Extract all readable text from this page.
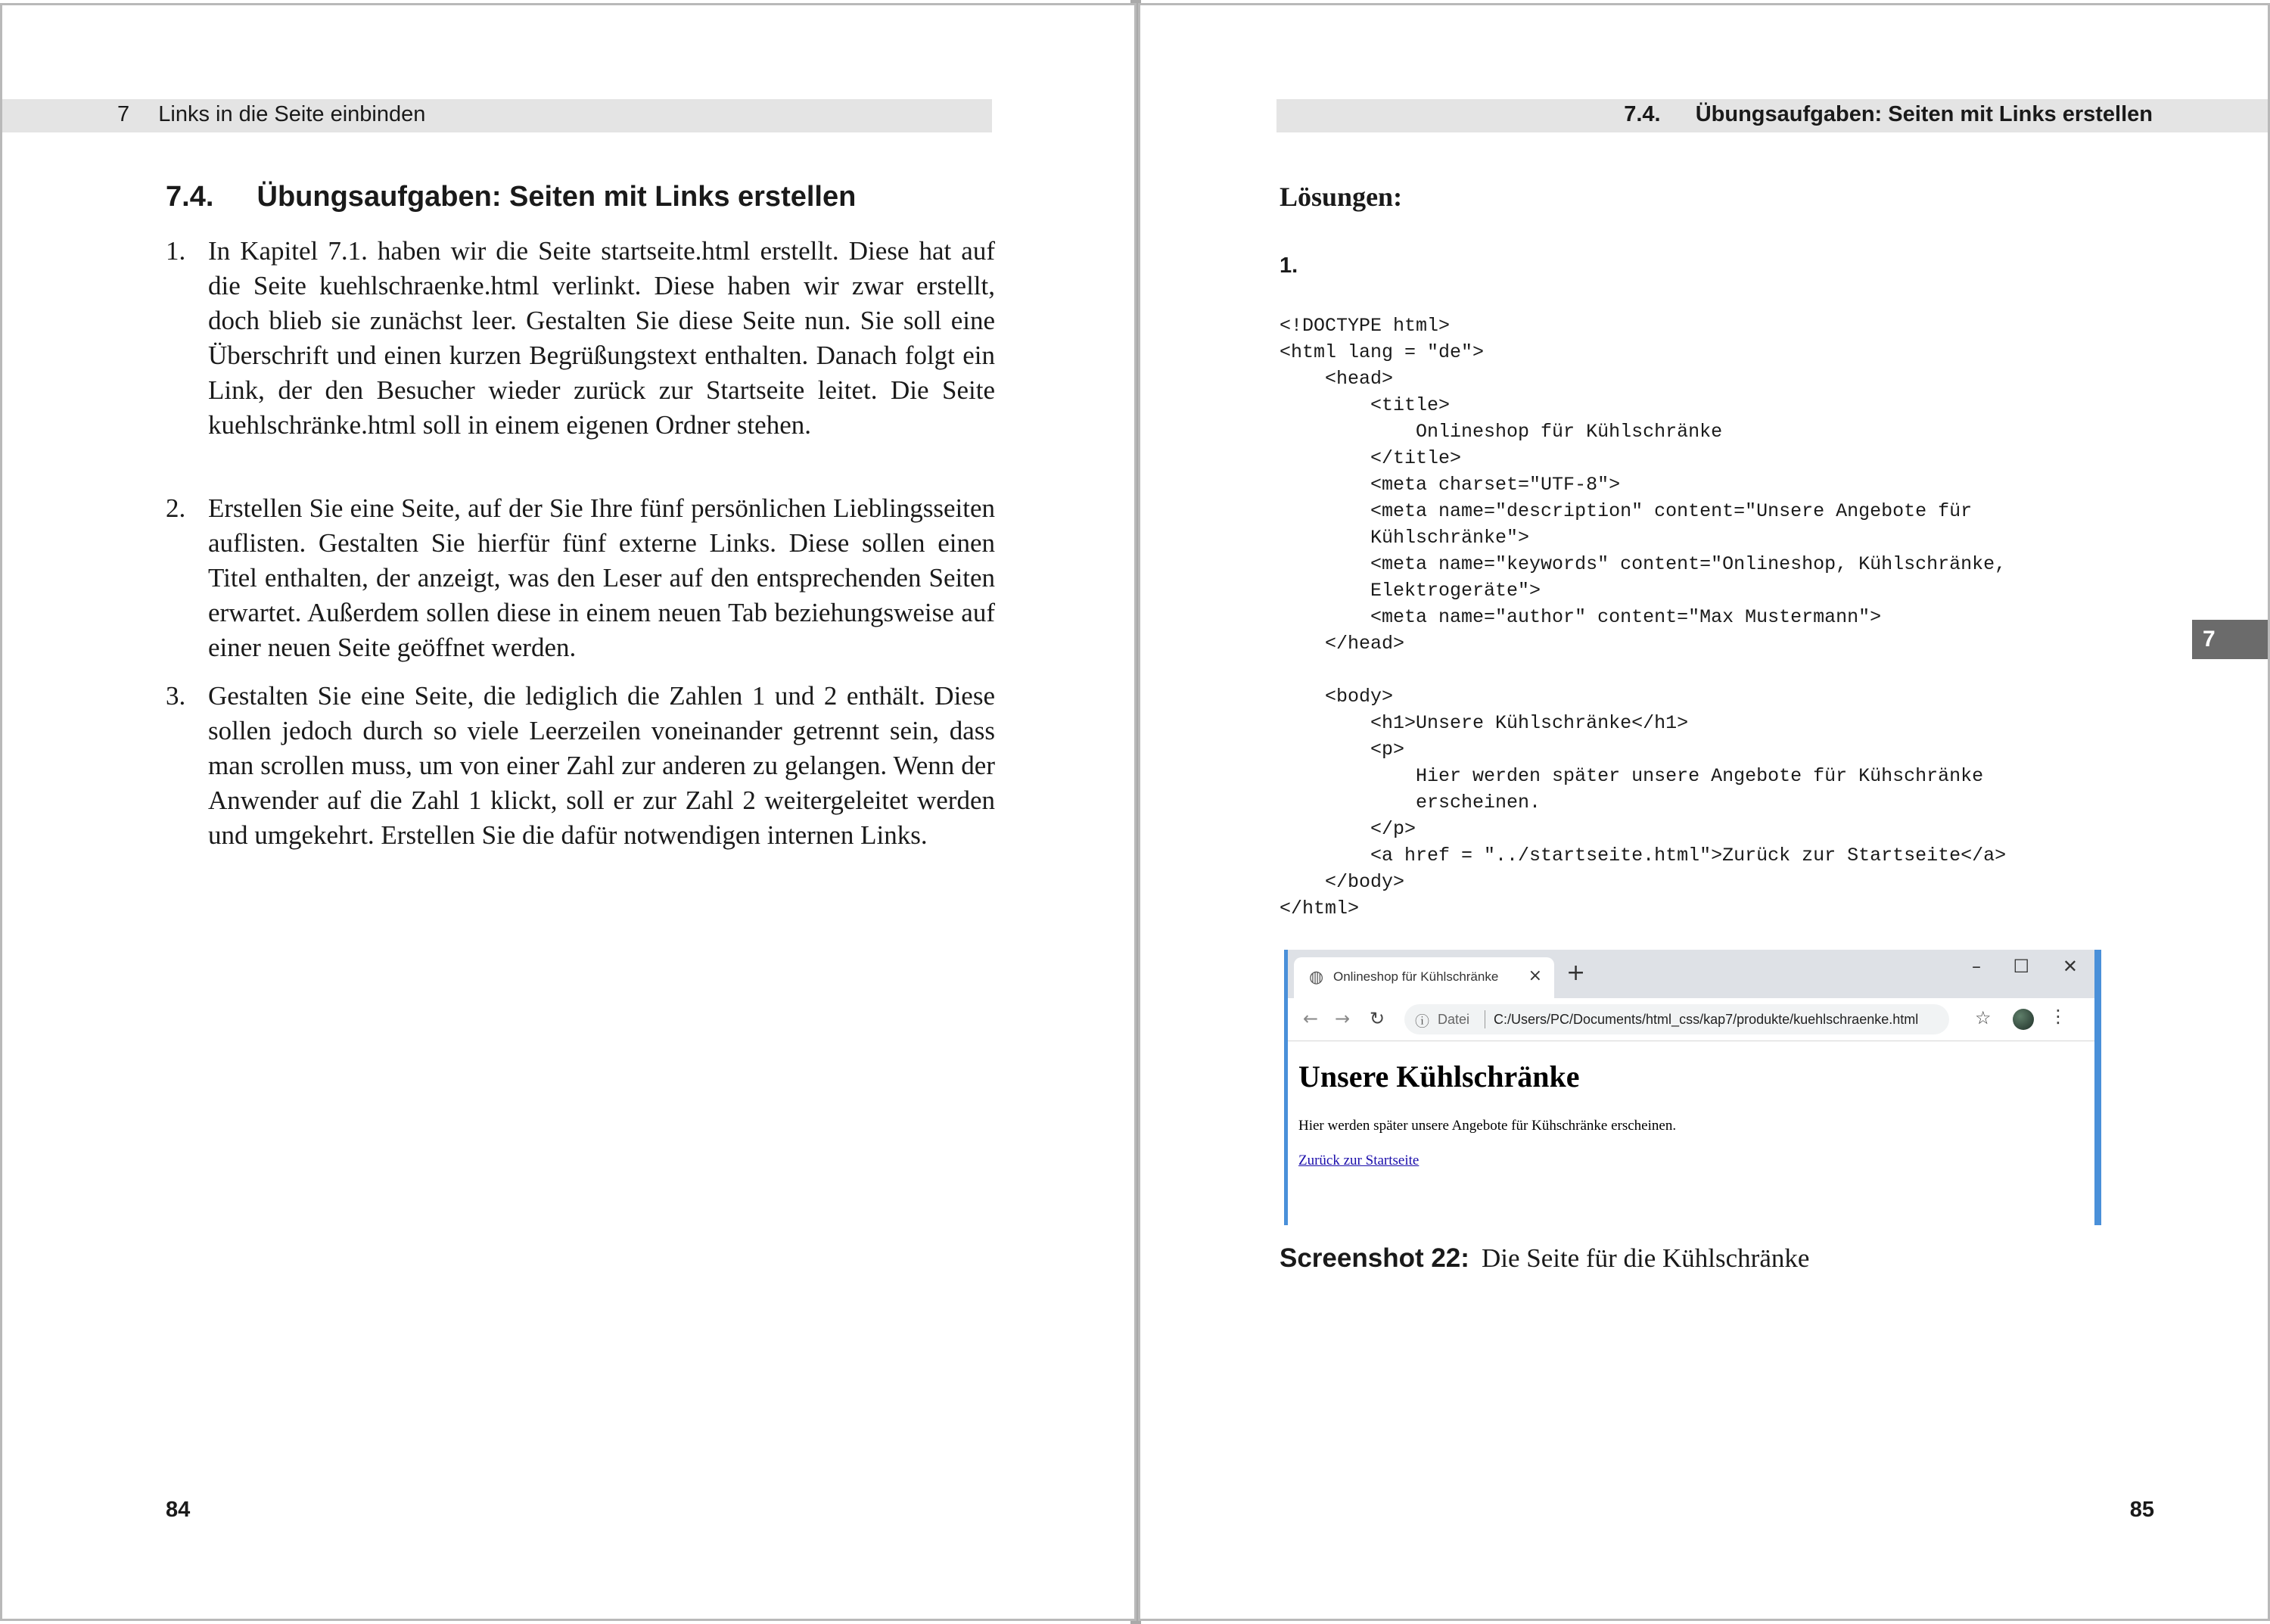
7 Links in die Seite einbinden
7.4. Übungsaufgaben: Seiten mit Links erstellen
1. In Kapitel 7.1. haben wir die Seite startseite.html erstellt. Diese hat auf die Seite kuehlschraenke.html verlinkt. Diese haben wir zwar erstellt, doch blieb sie zunächst leer. Gestalten Sie diese Seite nun. Sie soll eine Überschrift und einen kurzen Begrüßungstext enthalten. Danach folgt ein Link, der den Besucher wieder zurück zur Startseite leitet. Die Seite kuehlschränke.html soll in einem eigenen Ordner stehen.
2. Erstellen Sie eine Seite, auf der Sie Ihre fünf persönlichen Lieblingsseiten auflisten. Gestalten Sie hierfür fünf externe Links. Diese sollen einen Titel enthalten, der anzeigt, was den Leser auf den entsprechenden Seiten erwartet. Außerdem sollen diese in einem neuen Tab beziehungsweise auf einer neuen Seite geöffnet werden.
3. Gestalten Sie eine Seite, die lediglich die Zahlen 1 und 2 enthält. Diese sollen jedoch durch so viele Leerzeilen voneinander getrennt sein, dass man scrollen muss, um von einer Zahl zur anderen zu gelangen. Wenn der Anwender auf die Zahl 1 klickt, soll er zur Zahl 2 weitergeleitet werden und umgekehrt. Erstellen Sie die dafür notwendigen internen Links.
84
7.4. Übungsaufgaben: Seiten mit Links erstellen
Lösungen:
1.
<!DOCTYPE html>
<html lang = "de">
<head>
<title>
Onlineshop für Kühlschränke
</title>
<meta charset="UTF-8">
<meta name="description" content="Unsere Angebote für
Kühlschränke">
<meta name="keywords" content="Onlineshop, Kühlschränke,
Elektrogeräte">
<meta name="author" content="Max Mustermann">
</head>
<body>
<h1>Unsere Kühlschränke</h1>
<p>
Hier werden später unsere Angebote für Kühschränke
erscheinen.
</p>
<a href = "../startseite.html">Zurück zur Startseite</a>
</body>
</html>
7
◍ Onlineshop für Kühlschränke × +	– ☐ ✕
← → ↻ ⓘ Datei C:/Users/PC/Documents/html_css/kap7/produkte/kuehlschraenke.html	☆	⋮
Unsere Kühlschränke
Hier werden später unsere Angebote für Kühschränke erscheinen.
Zurück zur Startseite
Screenshot 22: Die Seite für die Kühlschränke
85
